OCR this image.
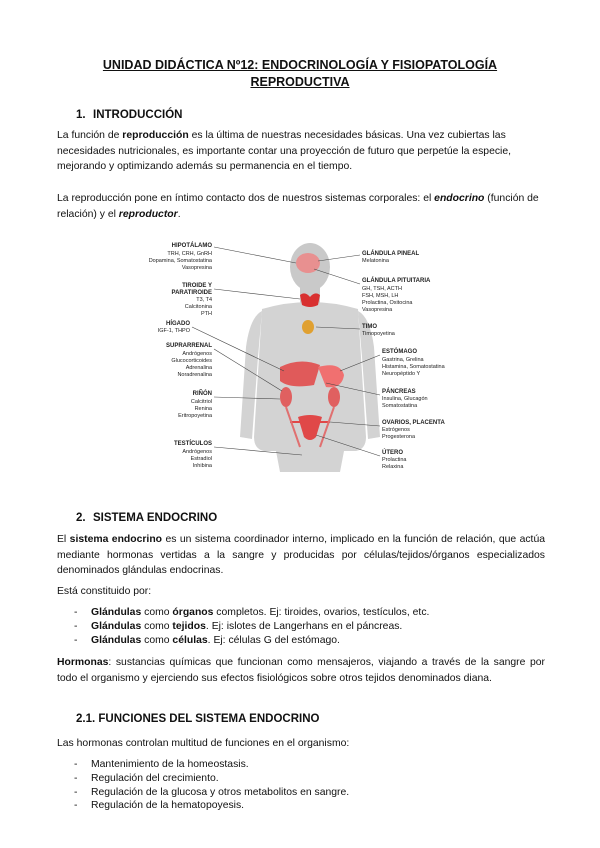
UNIDAD DIDÁCTICA Nº12: ENDOCRINOLOGÍA Y FISIOPATOLOGÍA
REPRODUCTIVA
1. INTRODUCCIÓN
La función de reproducción es la última de nuestras necesidades básicas. Una vez cubiertas las necesidades nutricionales, es importante contar una proyección de futuro que perpetúe la especie, mejorando y optimizando además su permanencia en el tiempo.
La reproducción pone en íntimo contacto dos de nuestros sistemas corporales: el endocrino (función de relación) y el reproductor.
HIPOTÁLAMO
TRH, CRH, GnRH
Dopamina, Somatostatina
Vasopresina
TIROIDE Y
PARATIROIDE
T3, T4
Calcitonina
PTH
HÍGADO
IGF-1, THPO
SUPRARRENAL
Andrógenos
Glucocorticoides
Adrenalina
Noradrenalina
RIÑÓN
Calcitriol
Renina
Eritropoyetina
TESTÍCULOS
Andrógenos
Estradiol
Inhibina
GLÁNDULA PINEAL
Melatonina
GLÁNDULA PITUITARIA
GH, TSH, ACTH
FSH, MSH, LH
Prolactina, Oxitocina
Vasopresina
TIMO
Timopoyetina
ESTÓMAGO
Gastrina, Grelina
Histamina, Somatostatina
Neuropéptido Y
PÁNCREAS
Insulina, Glucagón
Somatostatina
OVARIOS, PLACENTA
Estrógenos
Progesterona
ÚTERO
Prolactina
Relaxina
2. SISTEMA ENDOCRINO
El sistema endocrino es un sistema coordinador interno, implicado en la función de relación, que actúa mediante hormonas vertidas a la sangre y producidas por células/tejidos/órganos especializados denominados glándulas endocrinas.
Está constituido por:
- Glándulas como órganos completos. Ej: tiroides, ovarios, testículos, etc.
- Glándulas como tejidos. Ej: islotes de Langerhans en el páncreas.
- Glándulas como células. Ej: células G del estómago.
Hormonas: sustancias químicas que funcionan como mensajeros, viajando a través de la sangre por todo el organismo y ejerciendo sus efectos fisiológicos sobre otros tejidos denominados diana.
2.1. FUNCIONES DEL SISTEMA ENDOCRINO
Las hormonas controlan multitud de funciones en el organismo:
- Mantenimiento de la homeostasis.
- Regulación del crecimiento.
- Regulación de la glucosa y otros metabolitos en sangre.
- Regulación de la hematopoyesis.
